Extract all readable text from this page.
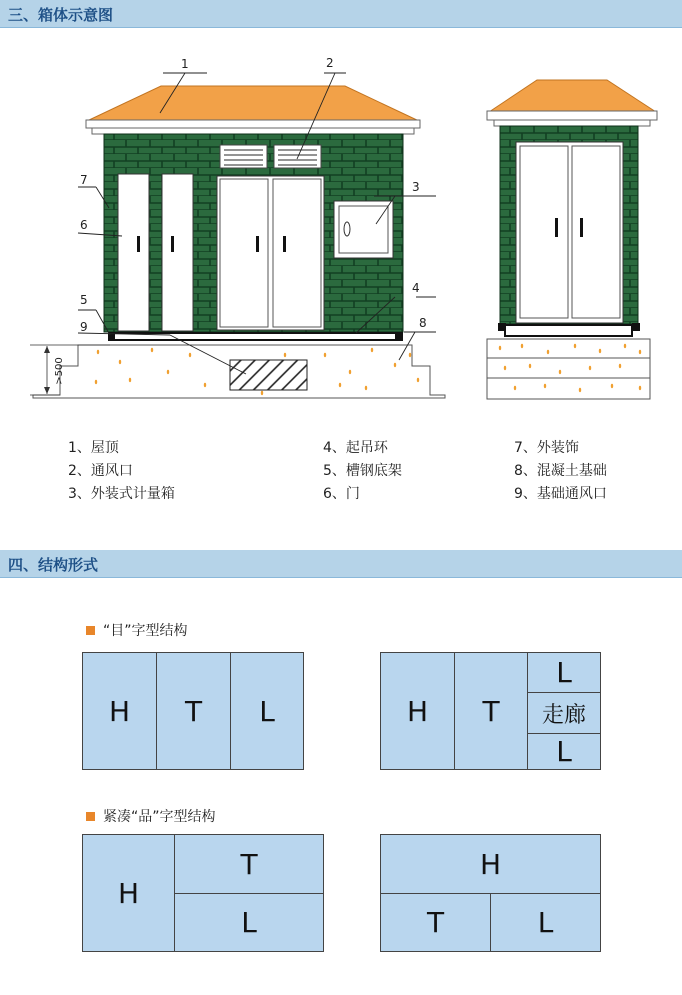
三、箱体示意图
>500
1	2
3
4
5
6
7
8
9
1、屋顶	4、起吊环	7、外装饰
2、通风口	5、槽钢底架	8、混凝土基础
3、外装式计量箱	6、门	9、基础通风口
四、结构形式
“目”字型结构
H	T	L	H	T
L
走廊
L
紧凑“品”字型结构
H
T
L
H
T	L
